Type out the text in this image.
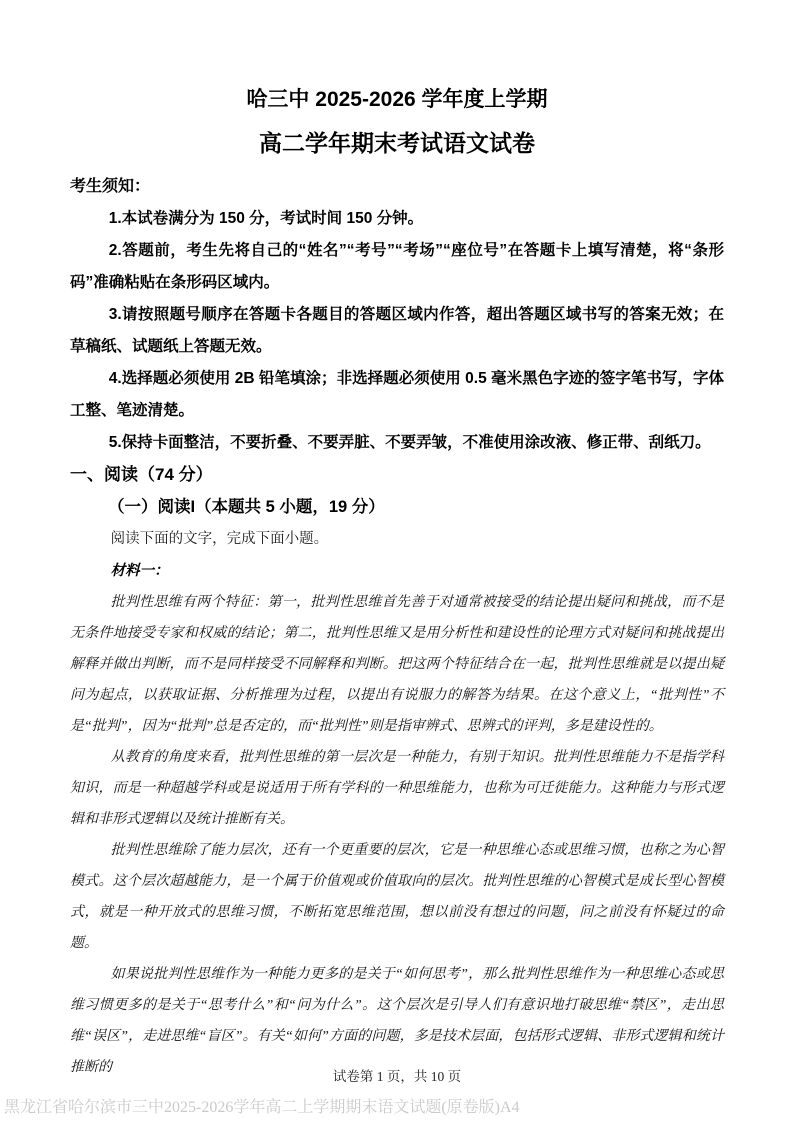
哈三中 2025-2026 学年度上学期
高二学年期末考试语文试卷
考生须知：
1.本试卷满分为 150 分，考试时间 150 分钟。
2.答题前，考生先将自己的“姓名”“考号”“考场”“座位号”在答题卡上填写清楚，将“条形码”准确粘贴在条形码区域内。
3.请按照题号顺序在答题卡各题目的答题区域内作答，超出答题区域书写的答案无效；在草稿纸、试题纸上答题无效。
4.选择题必须使用 2B 铅笔填涂；非选择题必须使用 0.5 毫米黑色字迹的签字笔书写，字体工整、笔迹清楚。
5.保持卡面整洁，不要折叠、不要弄脏、不要弄皱，不准使用涂改液、修正带、刮纸刀。
一、阅读（74 分）
（一）阅读I（本题共 5 小题，19 分）
阅读下面的文字，完成下面小题。
材料一：
批判性思维有两个特征：第一，批判性思维首先善于对通常被接受的结论提出疑问和挑战，而不是无条件地接受专家和权威的结论；第二，批判性思维又是用分析性和建设性的论理方式对疑问和挑战提出解释并做出判断，而不是同样接受不同解释和判断。把这两个特征结合在一起，批判性思维就是以提出疑问为起点，以获取证据、分析推理为过程，以提出有说服力的解答为结果。在这个意义上，“批判性”不是“批判”，因为“批判”总是否定的，而“批判性”则是指审辨式、思辨式的评判，多是建设性的。
从教育的角度来看，批判性思维的第一层次是一种能力，有别于知识。批判性思维能力不是指学科知识，而是一种超越学科或是说适用于所有学科的一种思维能力，也称为可迁徙能力。这种能力与形式逻辑和非形式逻辑以及统计推断有关。
批判性思维除了能力层次，还有一个更重要的层次，它是一种思维心态或思维习惯，也称之为心智模式。这个层次超越能力，是一个属于价值观或价值取向的层次。批判性思维的心智模式是成长型心智模式，就是一种开放式的思维习惯，不断拓宽思维范围，想以前没有想过的问题，问之前没有怀疑过的命题。
如果说批判性思维作为一种能力更多的是关于“如何思考”，那么批判性思维作为一种思维心态或思维习惯更多的是关于“思考什么”和“问为什么”。这个层次是引导人们有意识地打破思维“禁区”，走出思维“误区”，走进思维“盲区”。有关“如何”方面的问题，多是技术层面，包括形式逻辑、非形式逻辑和统计推断的
试卷第 1 页，共 10 页
黑龙江省哈尔滨市三中2025-2026学年高二上学期期末语文试题(原卷版)A4
